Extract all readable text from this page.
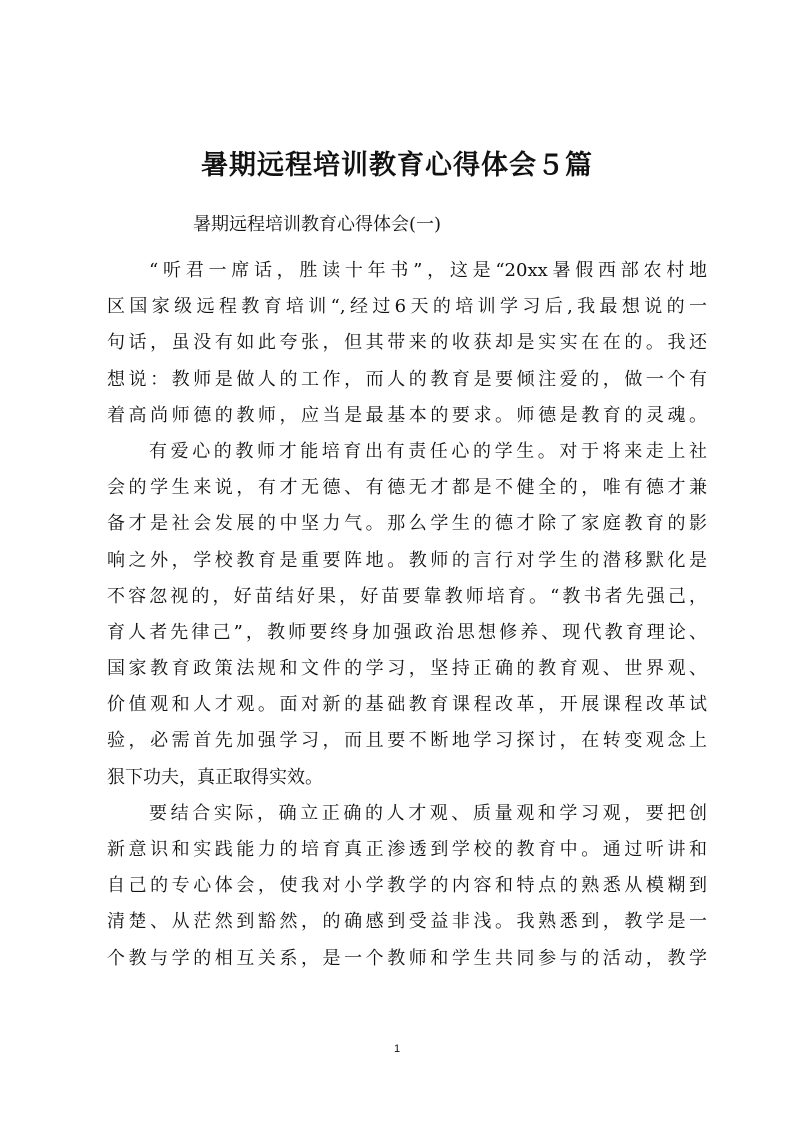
暑期远程培训教育心得体会５篇

暑期远程培训教育心得体会(一)

“听君一席话，胜读十年书”，这是“20xx暑假西部农村地
区国家级远程教育培训“,经过6天的培训学习后,我最想说的一
句话，虽没有如此夸张，但其带来的收获却是实实在在的。我还
想说：教师是做人的工作，而人的教育是要倾注爱的，做一个有
着高尚师德的教师，应当是最基本的要求。师德是教育的灵魂。
有爱心的教师才能培育出有责任心的学生。对于将来走上社
会的学生来说，有才无德、有德无才都是不健全的，唯有德才兼
备才是社会发展的中坚力气。那么学生的德才除了家庭教育的影
响之外，学校教育是重要阵地。教师的言行对学生的潜移默化是
不容忽视的，好苗结好果，好苗要靠教师培育。“教书者先强己，
育人者先律己”，教师要终身加强政治思想修养、现代教育理论、
国家教育政策法规和文件的学习，坚持正确的教育观、世界观、
价值观和人才观。面对新的基础教育课程改革，开展课程改革试
验，必需首先加强学习，而且要不断地学习探讨，在转变观念上
狠下功夫，真正取得实效。
要结合实际，确立正确的人才观、质量观和学习观，要把创
新意识和实践能力的培育真正渗透到学校的教育中。通过听讲和
自己的专心体会，使我对小学教学的内容和特点的熟悉从模糊到
清楚、从茫然到豁然，的确感到受益非浅。我熟悉到，教学是一
个教与学的相互关系，是一个教师和学生共同参与的活动，教学
1
